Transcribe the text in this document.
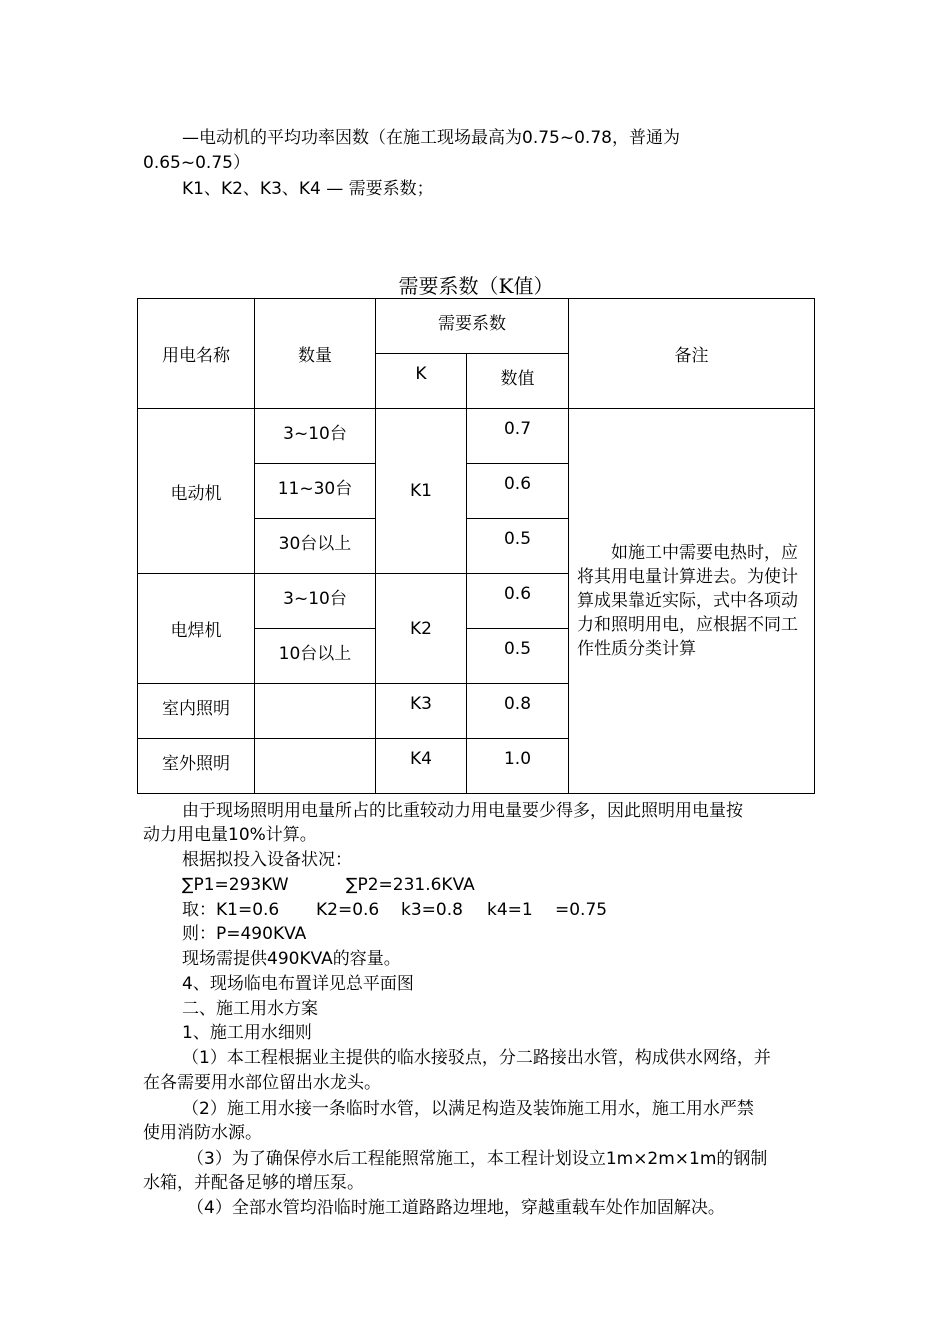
—电动机的平均功率因数（在施工现场最高为0.75~0.78，普通为
0.65~0.75）
K1、K2、K3、K4 — 需要系数；
需要系数（K值）
用电名称	数量	需要系数		备注
		K	数值	
电动机	3~10台	K1	0.7	如施工中需要电热时，应将其用电量计算进去。为使计算成果靠近实际，式中各项动力和照明用电，应根据不同工作性质分类计算
	11~30台		0.6	
	30台以上		0.5	
电焊机	3~10台	K2	0.6	
	10台以上		0.5	
室内照明		K3	0.8	
室外照明		K4	1.0	
由于现场照明用电量所占的比重较动力用电量要少得多，因此照明用电量按
动力用电量10%计算。
根据拟投入设备状况：
∑P1=293KW	∑P2=231.6KVA
取：K1=0.6 K2=0.6 k3=0.8 k4=1 =0.75
则：P=490KVA
现场需提供490KVA的容量。
4、现场临电布置详见总平面图
二、施工用水方案
1、施工用水细则
（1）本工程根据业主提供的临水接驳点，分二路接出水管，构成供水网络，并
在各需要用水部位留出水龙头。
（2）施工用水接一条临时水管，以满足构造及装饰施工用水，施工用水严禁
使用消防水源。
（3）为了确保停水后工程能照常施工，本工程计划设立1m×2m×1m的钢制
水箱，并配备足够的增压泵。
（4）全部水管均沿临时施工道路路边埋地，穿越重载车处作加固解决。
